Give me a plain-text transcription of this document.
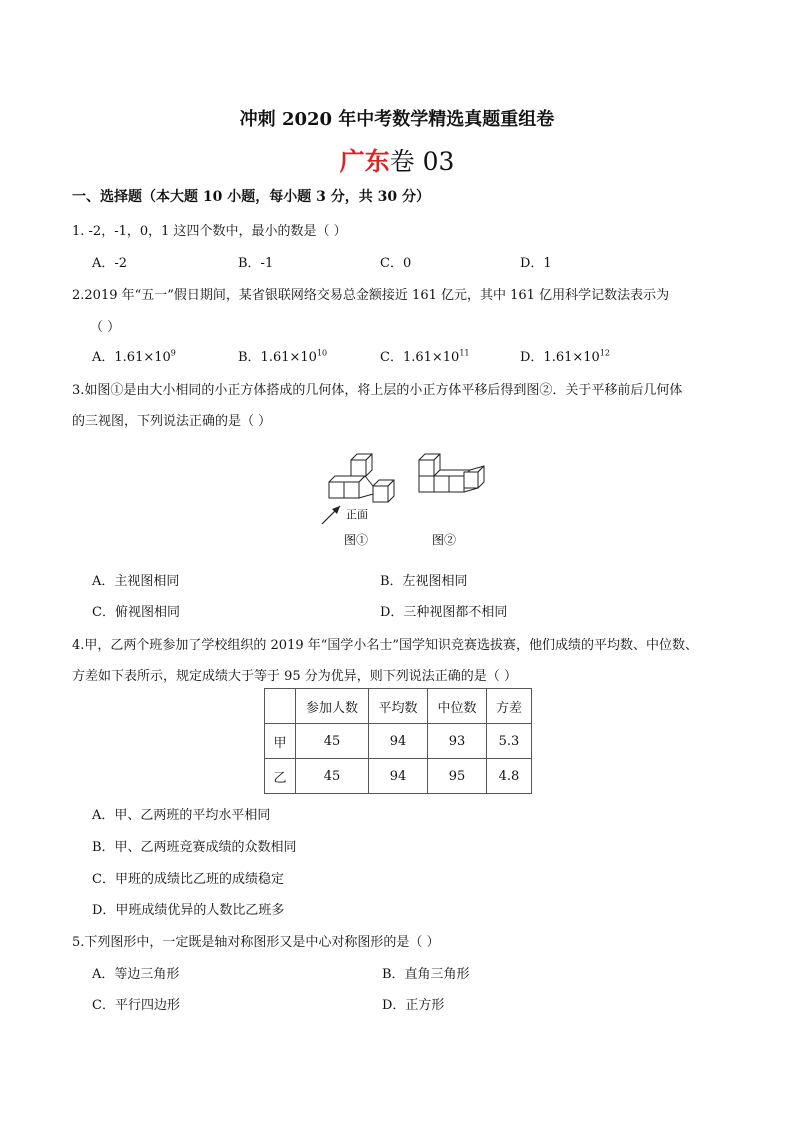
冲刺 2020 年中考数学精选真题重组卷
广东卷 03
一、选择题（本大题 10 小题，每小题 3 分，共 30 分）
1. -2，-1，0，1 这四个数中，最小的数是（ ）
A．-2	B．-1	C．0	D．1
2.2019 年“五一”假日期间，某省银联网络交易总金额接近 161 亿元，其中 161 亿用科学记数法表示为
（ ）
A．$1.61\times 10^9$	B．$1.61\times 10^{10}$	C．$1.61\times 10^{11}$	D．$1.61\times 10^{12}$
3.如图①是由大小相同的小正方体搭成的几何体，将上层的小正方体平移后得到图②．关于平移前后几何体
的三视图，下列说法正确的是（ ）
正面
图①	图②
A．主视图相同	B．左视图相同
C．俯视图相同	D．三种视图都不相同
4.甲，乙两个班参加了学校组织的 2019 年“国学小名士”国学知识竞赛选拔赛，他们成绩的平均数、中位数、
方差如下表所示，规定成绩大于等于 95 分为优异，则下列说法正确的是（ ）
	参加人数	平均数	中位数	方差
甲	45	94	93	5.3
乙	45	94	95	4.8
A．甲、乙两班的平均水平相同
B．甲、乙两班竞赛成绩的众数相同
C．甲班的成绩比乙班的成绩稳定
D．甲班成绩优异的人数比乙班多
5.下列图形中，一定既是轴对称图形又是中心对称图形的是（ ）
A．等边三角形	B．直角三角形
C．平行四边形	D．正方形
